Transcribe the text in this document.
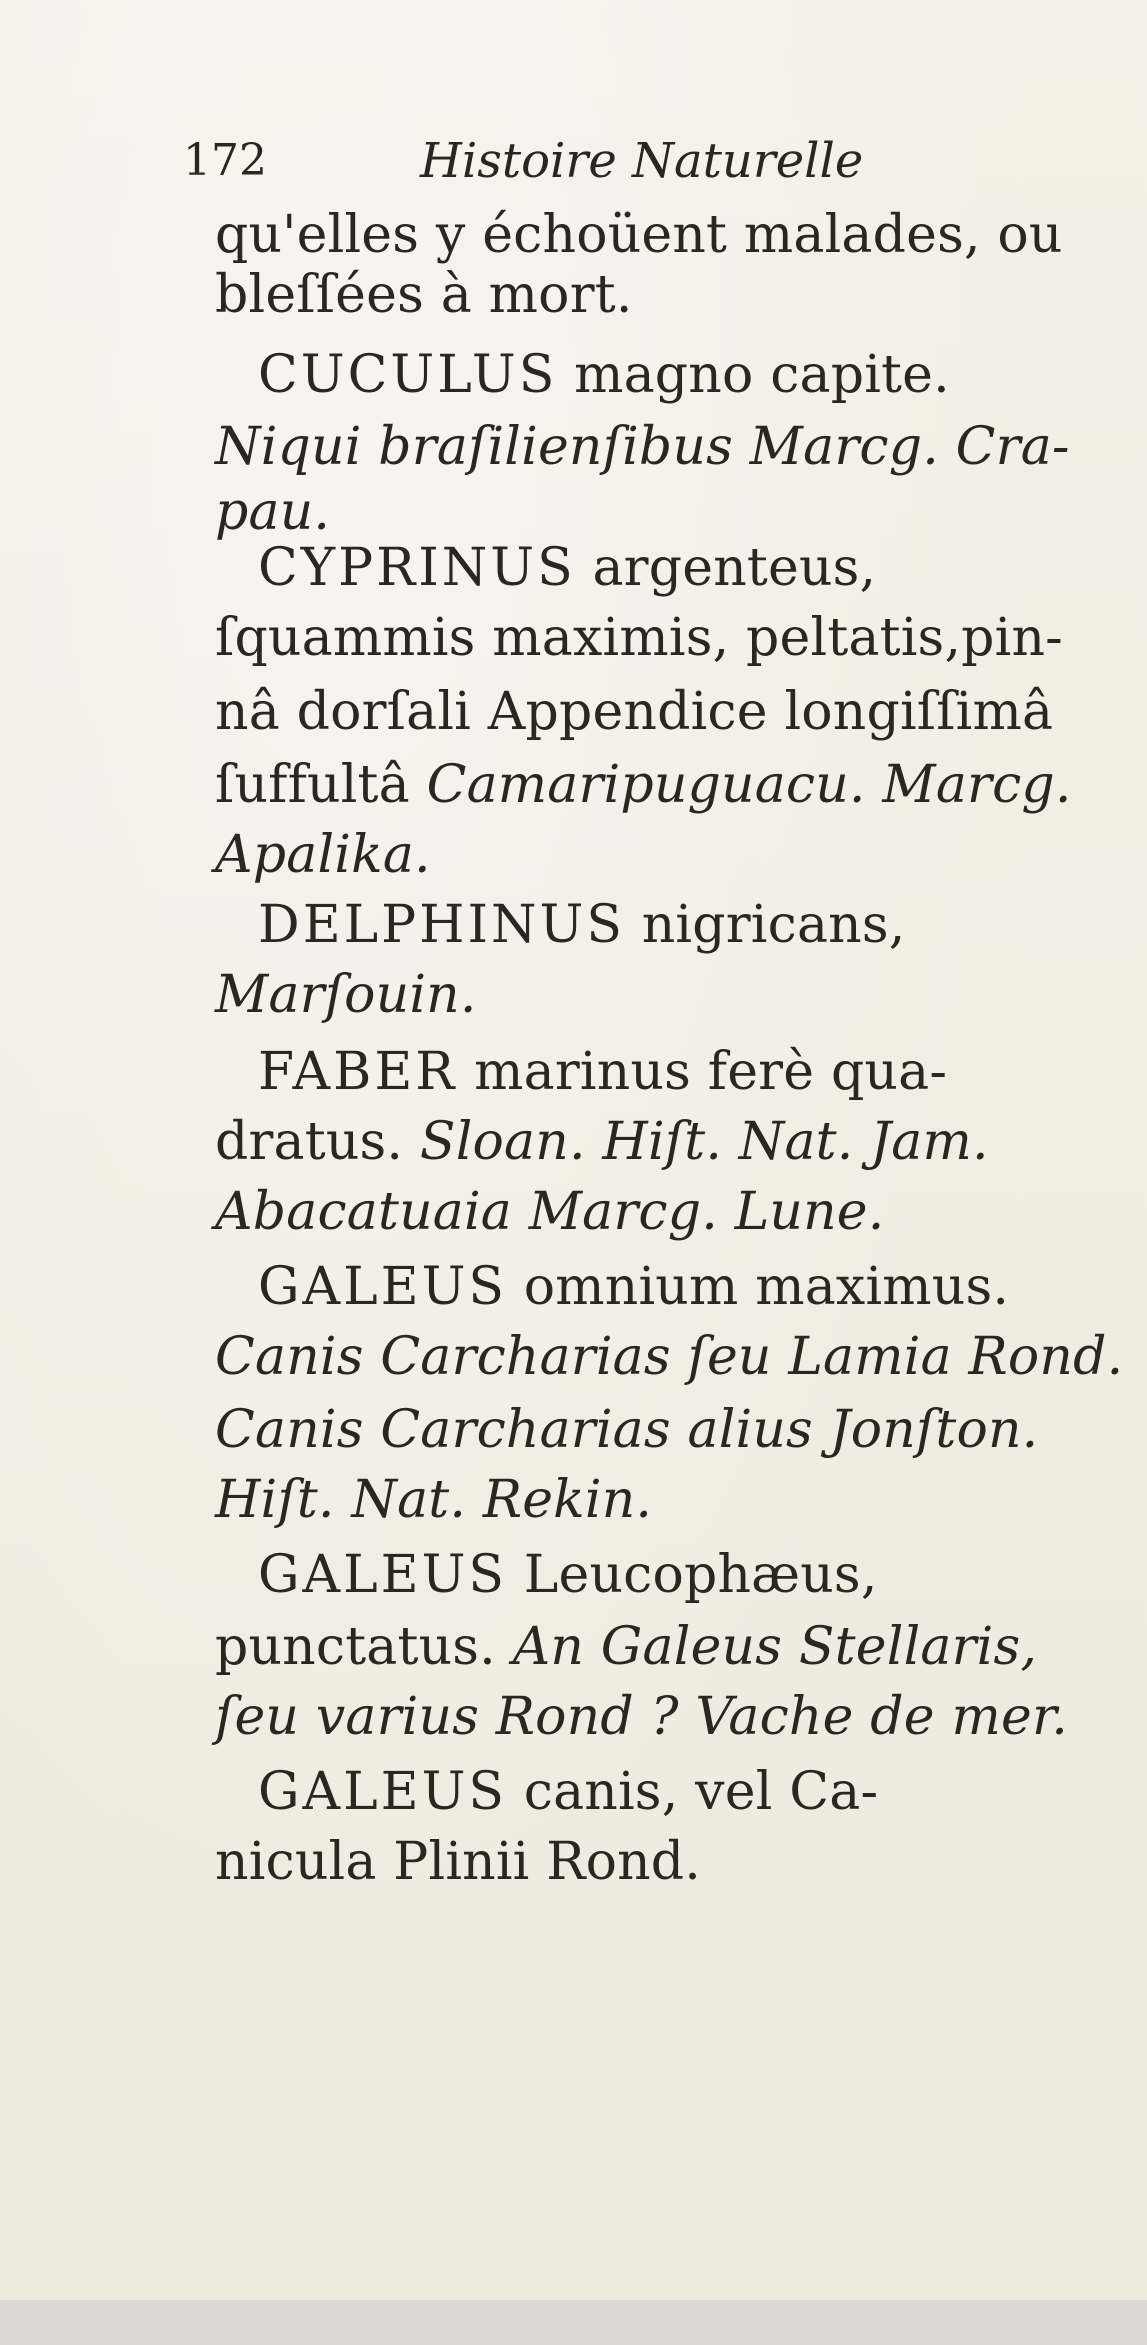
172	Histoire Naturelle
qu'elles y échoüent malades, ou
bleſſées à mort.
CUCULUS magno capite.
Niqui braſilienſibus Marcg. Cra-
pau.
CYPRINUS argenteus,
ſquammis maximis, peltatis,pin-
nâ dorſali Appendice longiſſimâ
ſuffultâ Camaripuguacu. Marcg.
Apalika.
DELPHINUS nigricans,
Marſouin.
FABER marinus ferè qua-
dratus. Sloan. Hiſt. Nat. Jam.
Abacatuaia Marcg. Lune.
GALEUS omnium maximus.
Canis Carcharias ſeu Lamia Rond.
Canis Carcharias alius Jonſton.
Hiſt. Nat. Rekin.
GALEUS Leucophæus,
punctatus. An Galeus Stellaris,
ſeu varius Rond ? Vache de mer.
GALEUS canis, vel Ca-
nicula Plinii Rond.
